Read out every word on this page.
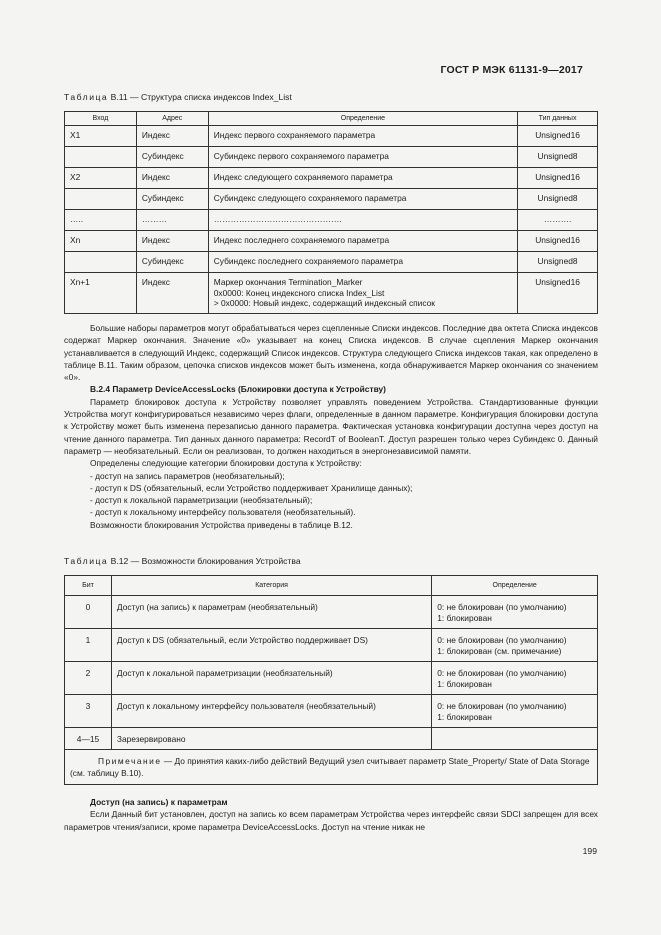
ГОСТ Р МЭК 61131-9—2017
Таблица В.11 — Структура списка индексов Index_List
Вход	Адрес	Определение	Тип данных
X1	Индекс	Индекс первого сохраняемого параметра	Unsigned16
	Субиндекс	Субиндекс первого сохраняемого параметра	Unsigned8
X2	Индекс	Индекс следующего сохраняемого параметра	Unsigned16
	Субиндекс	Субиндекс следующего сохраняемого параметра	Unsigned8
…..	………	……………………………………….	……….
Xn	Индекс	Индекс последнего сохраняемого параметра	Unsigned16
	Субиндекс	Субиндекс последнего сохраняемого параметра	Unsigned8
Xn+1	Индекс	Маркер окончания Termination_Marker
0x0000: Конец индексного списка Index_List
> 0x0000: Новый индекс, содержащий индексный список	Unsigned16

Большие наборы параметров могут обрабатываться через сцепленные Списки индексов. Последние два октета Списка индексов содержат Маркер окончания. Значение «0» указывает на конец Списка индексов. В случае сцепления Маркер окончания устанавливается в следующий Индекс, содержащий Список индексов. Структура следующего Списка индексов такая, как определено в таблице В.11. Таким образом, цепочка списков индексов может быть изменена, когда обнаруживается Маркер окончания со значением «0».

В.2.4 Параметр DeviceAccessLocks (Блокировки доступа к Устройству)

Параметр блокировок доступа к Устройству позволяет управлять поведением Устройства. Стандартизованные функции Устройства могут конфигурироваться независимо через флаги, определенные в данном параметре. Конфигурация блокировки доступа к Устройству может быть изменена перезаписью данного параметра. Фактическая установка конфигурации доступна через доступ на чтение данного параметра. Тип данных данного параметра: RecordT of BooleanT. Доступ разрешен только через Субиндекс 0. Данный параметр — необязательный. Если он реализован, то должен находиться в энергонезависимой памяти.

Определены следующие категории блокировки доступа к Устройству:

- доступ на запись параметров (необязательный);

- доступ к DS (обязательный, если Устройство поддерживает Хранилище данных);

- доступ к локальной параметризации (необязательный);

- доступ к локальному интерфейсу пользователя (необязательный).

Возможности блокирования Устройства приведены в таблице В.12.

Таблица В.12 — Возможности блокирования Устройства
Бит	Категория	Определение
0	Доступ (на запись) к параметрам (необязательный)	0: не блокирован (по умолчанию)
1: блокирован

1	Доступ к DS (обязательный, если Устройство поддерживает DS)	0: не блокирован (по умолчанию)
1: блокирован (см. примечание)

2	Доступ к локальной параметризации (необязательный)	0: не блокирован (по умолчанию)
1: блокирован

3	Доступ к локальному интерфейсу пользователя (необязательный)	0: не блокирован (по умолчанию)
1: блокирован

4—15	Зарезервировано	
Примечание — До принятия каких-либо действий Ведущий узел считывает параметр State_Property/ State of Data Storage (см. таблицу В.10).		

Доступ (на запись) к параметрам

Если Данный бит установлен, доступ на запись ко всем параметрам Устройства через интерфейс связи SDCI запрещен для всех параметров чтения/записи, кроме параметра DeviceAccessLocks. Доступ на чтение никак не

199
